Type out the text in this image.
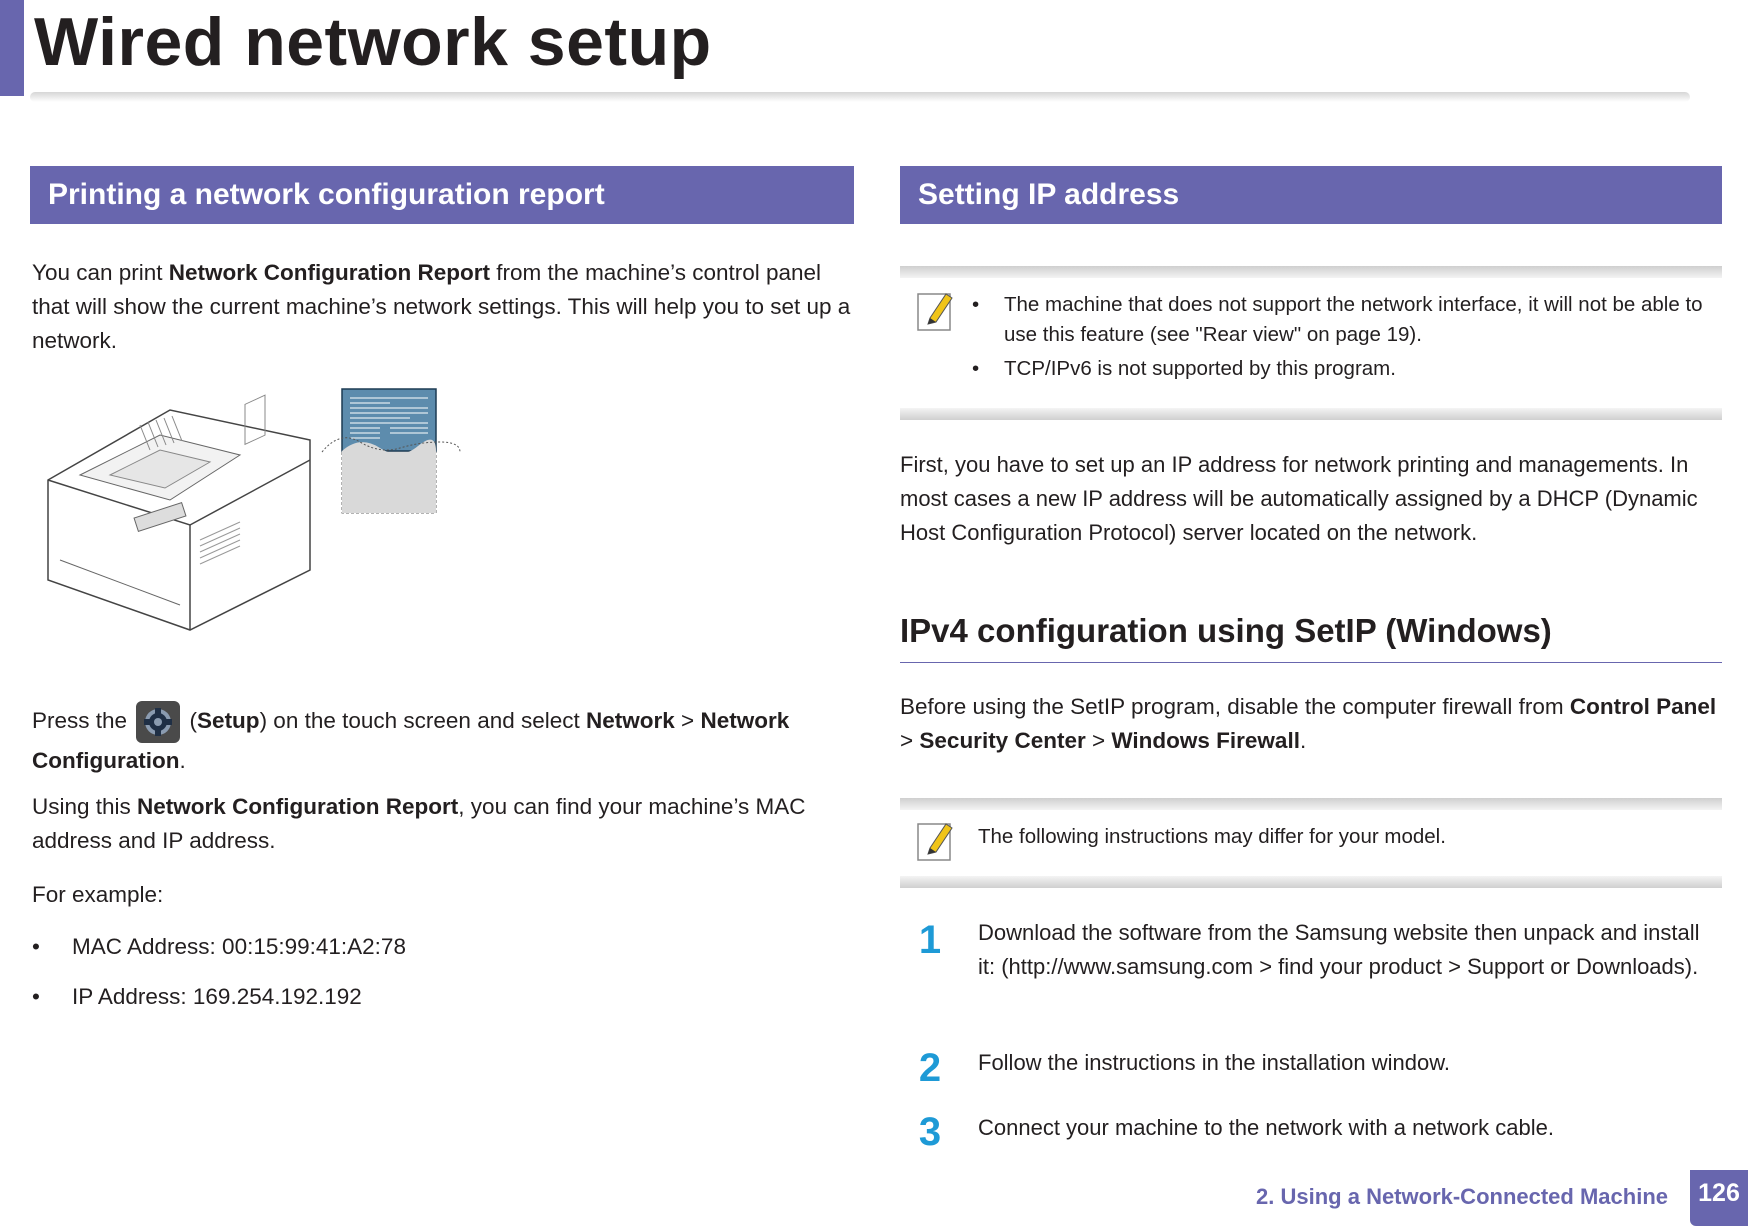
Wired network setup
Printing a network configuration report
You can print Network Configuration Report from the machine’s control panel that will show the current machine’s network settings. This will help you to set up a network.
Press the  (Setup) on the touch screen and select Network > Network Configuration.
Using this Network Configuration Report, you can find your machine’s MAC address and IP address.
For example:
• MAC Address: 00:15:99:41:A2:78
• IP Address: 169.254.192.192
Setting IP address
• The machine that does not support the network interface, it will not be able to use this feature (see "Rear view" on page 19).
• TCP/IPv6 is not supported by this program.
First, you have to set up an IP address for network printing and managements. In most cases a new IP address will be automatically assigned by a DHCP (Dynamic Host Configuration Protocol) server located on the network.
IPv4 configuration using SetIP (Windows)
Before using the SetIP program, disable the computer firewall from Control Panel > Security Center > Windows Firewall.
The following instructions may differ for your model.
1	Download the software from the Samsung website then unpack and install it: (http://www.samsung.com > find your product > Support or Downloads).
2	Follow the instructions in the installation window.
3	Connect your machine to the network with a network cable.
2. Using a Network-Connected Machine	126
